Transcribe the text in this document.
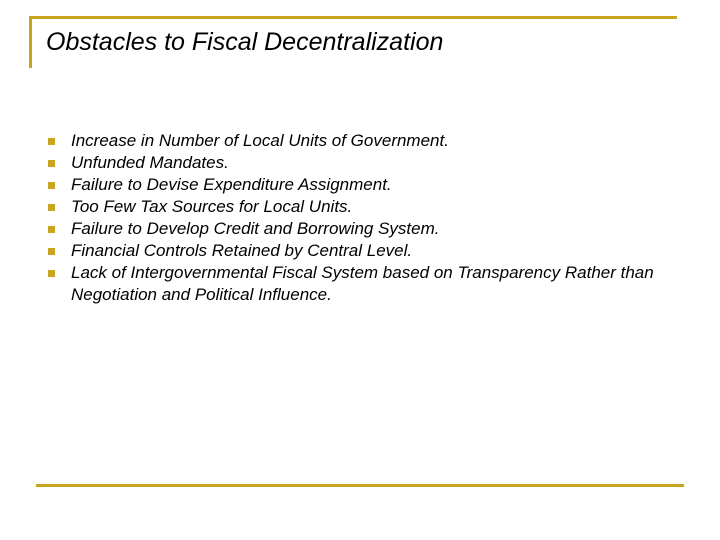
Obstacles to Fiscal Decentralization
Increase in Number of Local Units of Government.
Unfunded Mandates.
Failure to Devise Expenditure Assignment.
Too Few Tax Sources for Local Units.
Failure to Develop Credit and Borrowing System.
Financial Controls Retained by Central Level.
Lack of Intergovernmental Fiscal System based on Transparency Rather than Negotiation and Political Influence.
